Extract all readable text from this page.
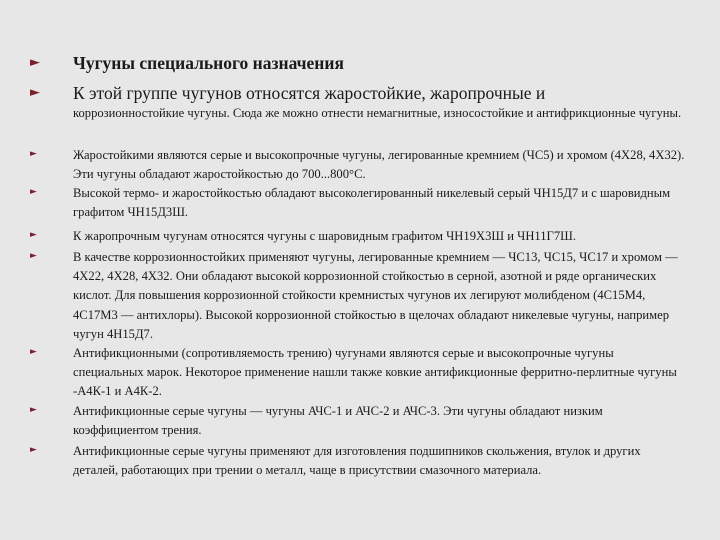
► Чугуны специального назначения
► К этой группе чугунов относятся жаростойкие, жаропрочные и
коррозионностойкие чугуны. Сюда же можно отнести немагнитные, износостойкие и антифрикционные чугуны.
►	Жаростойкими являются серые и высокопрочные чугуны, легированные кремнием (ЧС5) и хромом (4Х28, 4Х32). Эти чугуны обладают жаростойкостью до 700...800°С.
►	Высокой термо- и жаростойкостью обладают высоколегированный никелевый серый ЧН15Д7 и с шаровидным графитом ЧН15Д3Ш.
►	К жаропрочным чугунам относятся чугуны с шаровидным графитом ЧН19Х3Ш и ЧН11Г7Ш.
►	В качестве коррозионностойких применяют чугуны, легированные кремнием — ЧС13, ЧС15, ЧС17 и хромом — 4Х22, 4Х28, 4Х32. Они обладают высокой коррозионной стойкостью в серной, азотной и ряде органических кислот. Для повышения коррозионной стойкости кремнистых чугунов их легируют молибденом (4С15М4, 4С17М3 — антихлоры). Высокой коррозионной стойкостью в щелочах обладают никелевые чугуны, например чугун 4Н15Д7.
►	Антификционными (сопротивляемость трению) чугунами являются серые и высокопрочные чугуны специальных марок. Некоторое применение нашли также ковкие антификционные ферритно-перлитные чугуны -А4К-1 и А4К-2.
►	Антификционные серые чугуны — чугуны АЧС-1 и АЧС-2 и АЧС-3. Эти чугуны обладают низким коэффициентом трения.
►	Антификционные серые чугуны применяют для изготовления подшипников скольжения, втулок и других деталей, работающих при трении о металл, чаще в присутствии смазочного материала.
